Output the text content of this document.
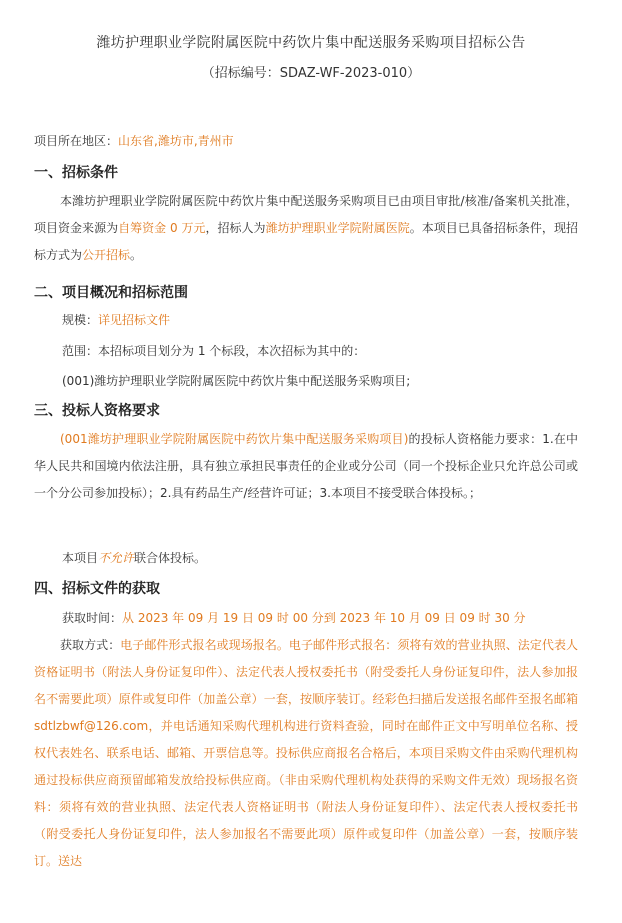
潍坊护理职业学院附属医院中药饮片集中配送服务采购项目招标公告
（招标编号：SDAZ-WF-2023-010）
项目所在地区：山东省,潍坊市,青州市
一、招标条件
本潍坊护理职业学院附属医院中药饮片集中配送服务采购项目已由项目审批/核准/备案机关批准，项目资金来源为自筹资金 0 万元，招标人为潍坊护理职业学院附属医院。本项目已具备招标条件，现招标方式为公开招标。
二、项目概况和招标范围
规模：详见招标文件
范围：本招标项目划分为 1 个标段，本次招标为其中的：
(001)潍坊护理职业学院附属医院中药饮片集中配送服务采购项目;
三、投标人资格要求
(001潍坊护理职业学院附属医院中药饮片集中配送服务采购项目)的投标人资格能力要求：1.在中华人民共和国境内依法注册，具有独立承担民事责任的企业或分公司（同一个投标企业只允许总公司或一个分公司参加投标）；2.具有药品生产/经营许可证；3.本项目不接受联合体投标。；
本项目不允许联合体投标。
四、招标文件的获取
获取时间：从 2023 年 09 月 19 日 09 时 00 分到 2023 年 10 月 09 日 09 时 30 分
获取方式：电子邮件形式报名或现场报名。电子邮件形式报名：须将有效的营业执照、法定代表人资格证明书（附法人身份证复印件）、法定代表人授权委托书（附受委托人身份证复印件，法人参加报名不需要此项）原件或复印件（加盖公章）一套，按顺序装订。经彩色扫描后发送报名邮件至报名邮箱 sdtlzbwf@126.com，并电话通知采购代理机构进行资料查验，同时在邮件正文中写明单位名称、授权代表姓名、联系电话、邮箱、开票信息等。投标供应商报名合格后，本项目采购文件由采购代理机构通过投标供应商预留邮箱发放给投标供应商。（非由采购代理机构处获得的采购文件无效）现场报名资料：须将有效的营业执照、法定代表人资格证明书（附法人身份证复印件）、法定代表人授权委托书（附受委托人身份证复印件，法人参加报名不需要此项）原件或复印件（加盖公章）一套，按顺序装订。送达
